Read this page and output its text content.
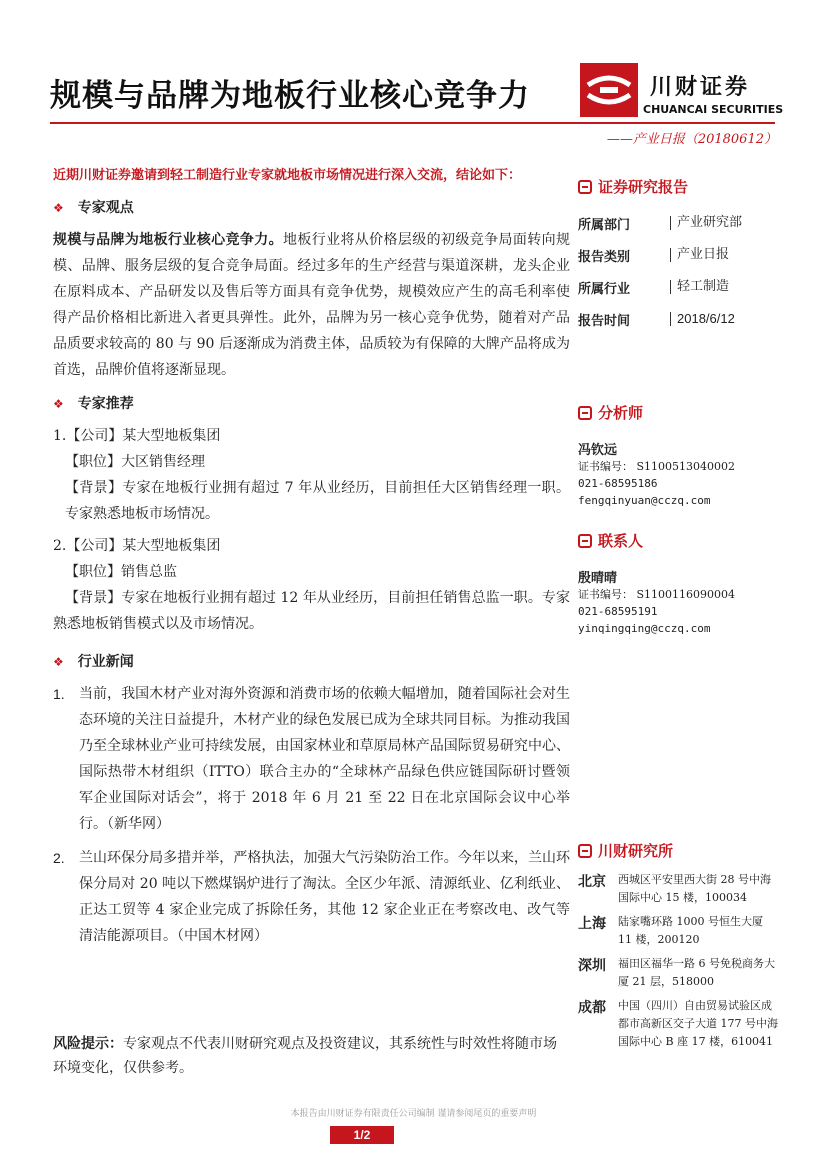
规模与品牌为地板行业核心竞争力	川财证券
CHUANCAI SECURITIES
——产业日报（20180612）
近期川财证券邀请到轻工制造行业专家就地板市场情况进行深入交流，结论如下：
❖ 专家观点
规模与品牌为地板行业核心竞争力。地板行业将从价格层级的初级竞争局面转向规模、品牌、服务层级的复合竞争局面。经过多年的生产经营与渠道深耕，龙头企业在原料成本、产品研发以及售后等方面具有竞争优势，规模效应产生的高毛利率使得产品价格相比新进入者更具弹性。此外，品牌为另一核心竞争优势，随着对产品品质要求较高的 80 与 90 后逐渐成为消费主体，品质较为有保障的大牌产品将成为首选，品牌价值将逐渐显现。
❖ 专家推荐
1.【公司】某大型地板集团
【职位】大区销售经理
【背景】专家在地板行业拥有超过 7 年从业经历，目前担任大区销售经理一职。专家熟悉地板市场情况。
2.【公司】某大型地板集团
【职位】销售总监
【背景】专家在地板行业拥有超过 12 年从业经历，目前担任销售总监一职。专家熟悉地板销售模式以及市场情况。
❖ 行业新闻
1.	当前，我国木材产业对海外资源和消费市场的依赖大幅增加，随着国际社会对生态环境的关注日益提升，木材产业的绿色发展已成为全球共同目标。为推动我国乃至全球林业产业可持续发展，由国家林业和草原局林产品国际贸易研究中心、国际热带木材组织（ITTO）联合主办的“全球林产品绿色供应链国际研讨暨领军企业国际对话会”，将于 2018 年 6 月 21 至 22 日在北京国际会议中心举行。（新华网）
2.	兰山环保分局多措并举，严格执法，加强大气污染防治工作。今年以来，兰山环保分局对 20 吨以下燃煤锅炉进行了淘汰。全区少年派、清源纸业、亿利纸业、正达工贸等 4 家企业完成了拆除任务，其他 12 家企业正在考察改电、改气等清洁能源项目。（中国木材网）
风险提示：专家观点不代表川财研究观点及投资建议，其系统性与时效性将随市场环境变化，仅供参考。
证券研究报告
所属部门	产业研究部
报告类别	产业日报
所属行业	轻工制造
报告时间	2018/6/12
分析师
冯钦远
证书编号： S1100513040002
021-68595186
fengqinyuan@cczq.com
联系人
殷晴晴
证书编号： S1100116090004
021-68595191
yinqingqing@cczq.com
川财研究所
北京	西城区平安里西大街 28 号中海国际中心 15 楼，100034
上海	陆家嘴环路 1000 号恒生大厦 11 楼，200120
深圳	福田区福华一路 6 号免税商务大厦 21 层，518000
成都	中国（四川）自由贸易试验区成都市高新区交子大道 177 号中海国际中心 B 座 17 楼，610041
本报告由川财证券有限责任公司编制 谨请参阅尾页的重要声明
1/2
